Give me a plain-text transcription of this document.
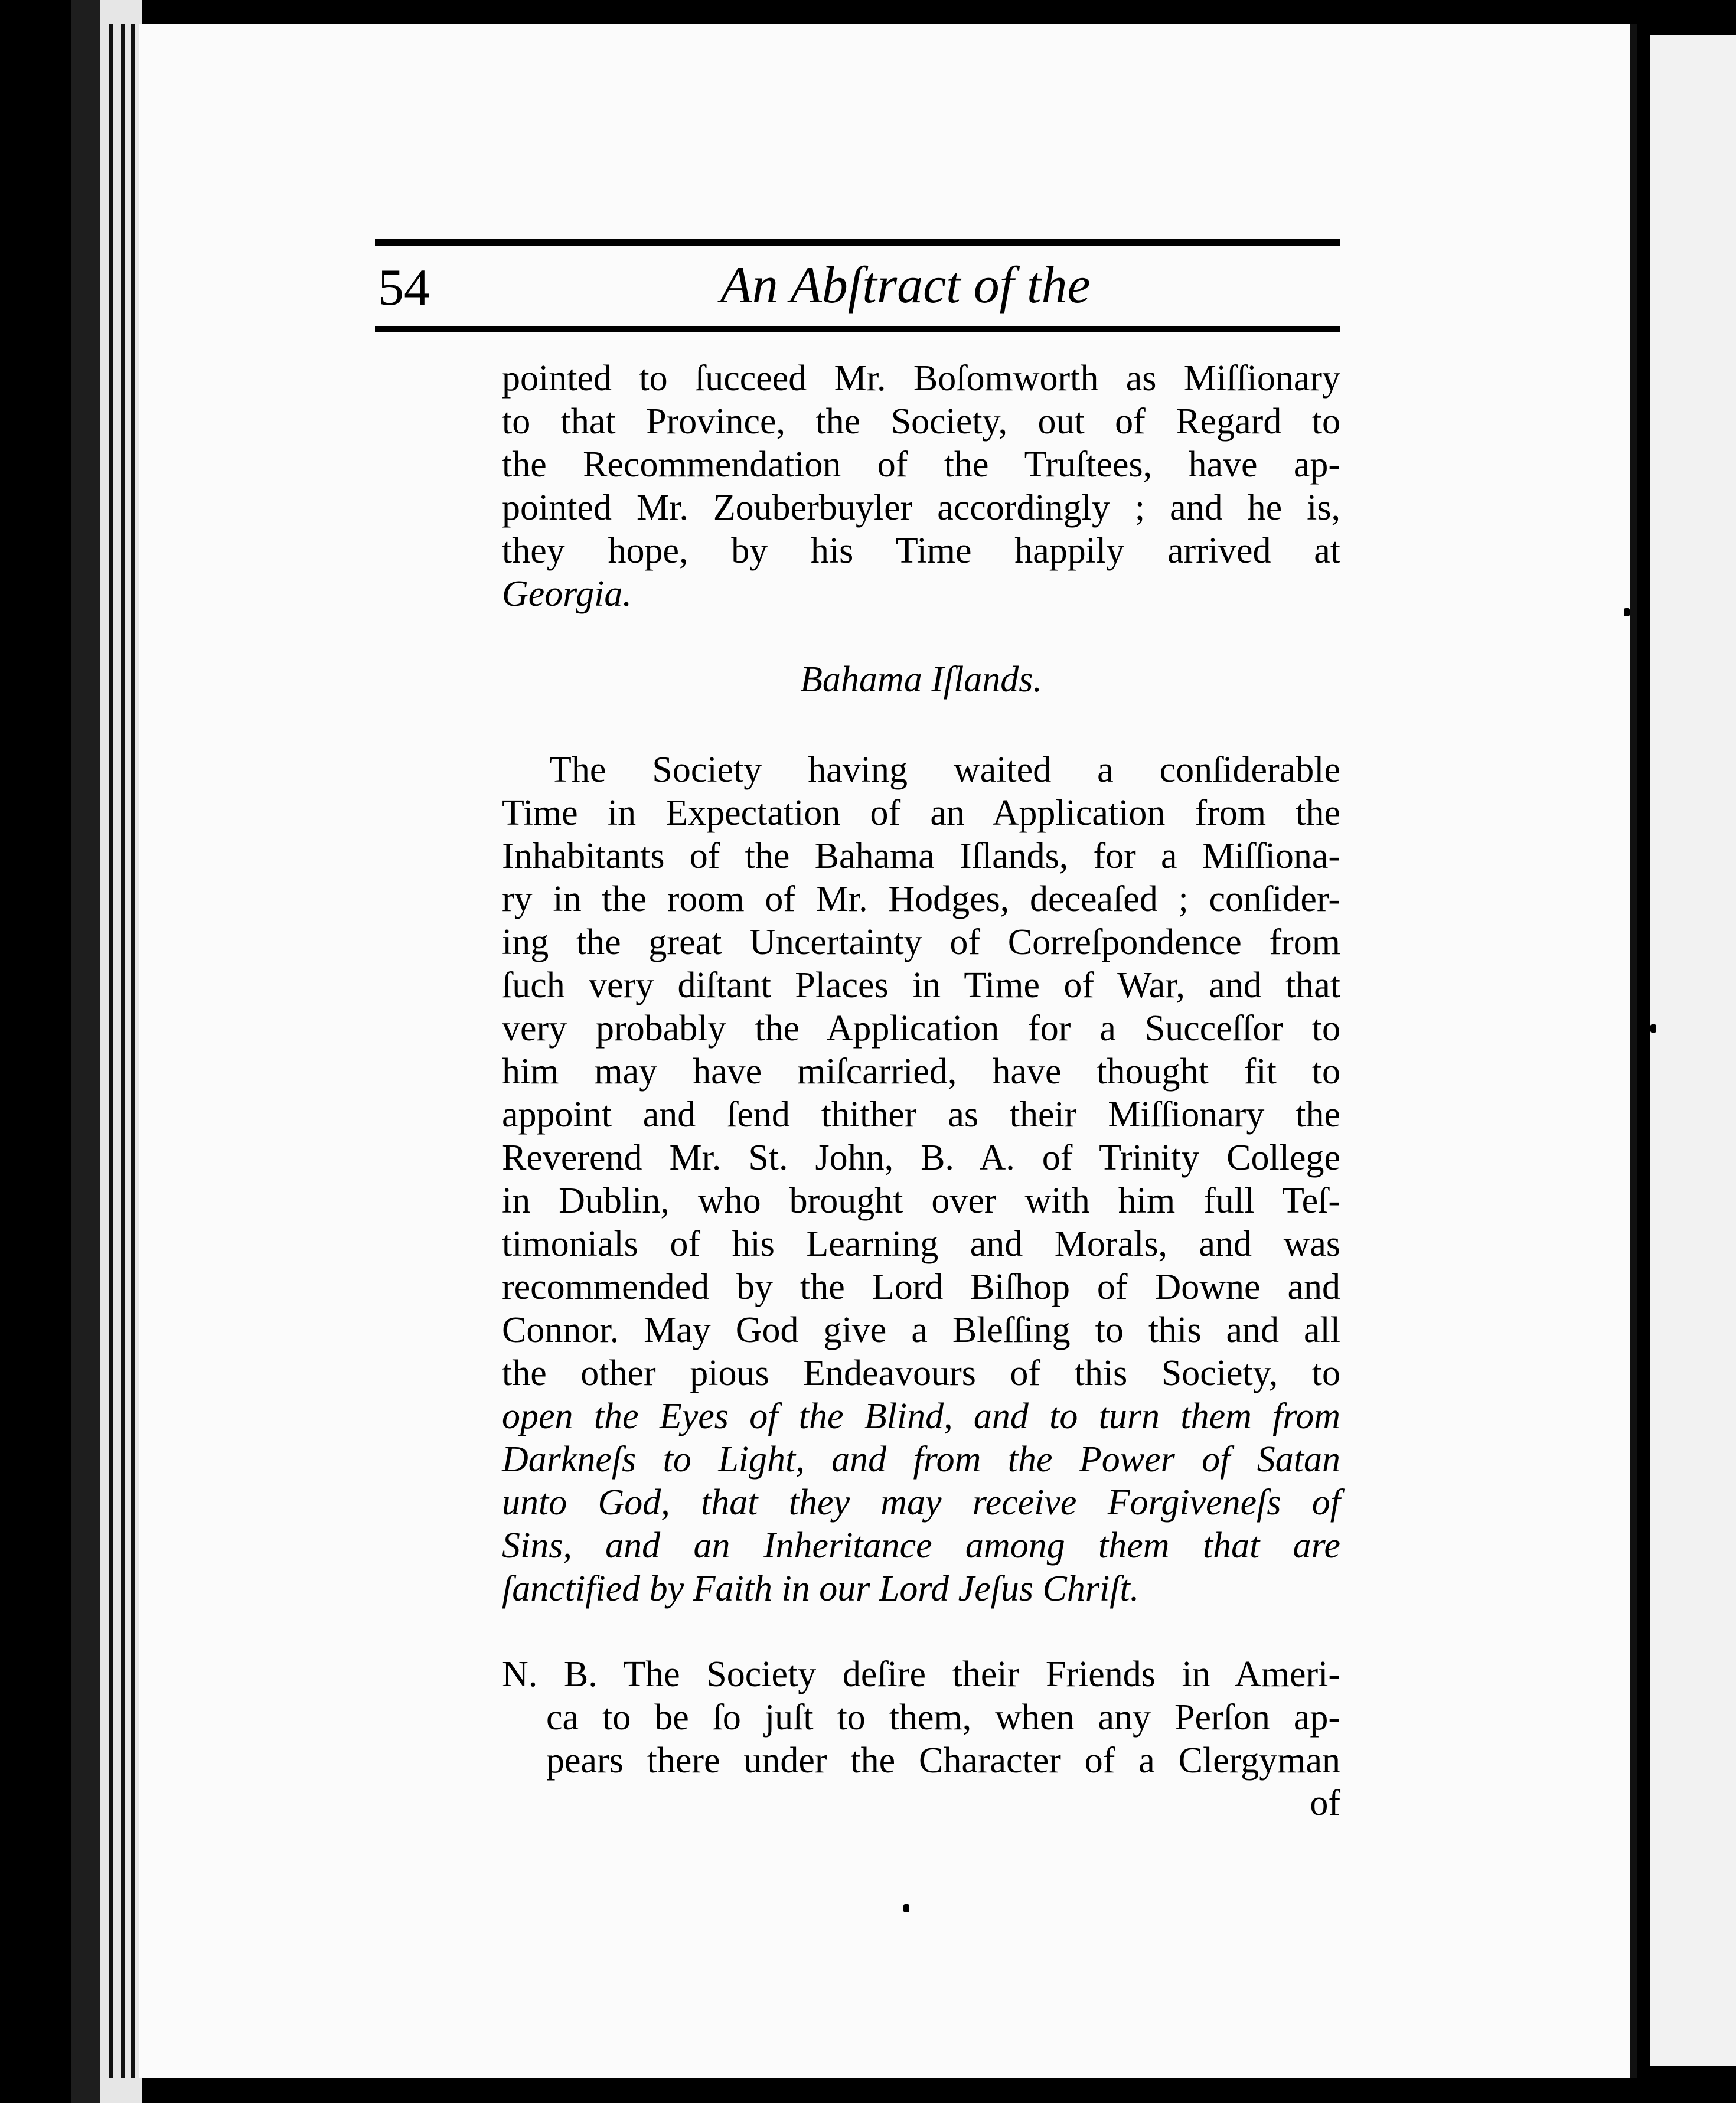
54	An Abſtract of the
pointed to ſucceed Mr. Boſomworth as Miſſionary
to that Province, the Society, out of Regard to
the Recommendation of the Truſtees, have ap-
pointed Mr. Zouberbuyler accordingly ; and he is,
they hope, by his Time happily arrived at
Georgia.
Bahama Iſlands.
The Society having waited a conſiderable
Time in Expectation of an Application from the
Inhabitants of the Bahama Iſlands, for a Miſſiona-
ry in the room of Mr. Hodges, deceaſed ; conſider-
ing the great Uncertainty of Correſpondence from
ſuch very diſtant Places in Time of War, and that
very probably the Application for a Succeſſor to
him may have miſcarried, have thought fit to
appoint and ſend thither as their Miſſionary the
Reverend Mr. St. John, B. A. of Trinity College
in Dublin, who brought over with him full Teſ-
timonials of his Learning and Morals, and was
recommended by the Lord Biſhop of Downe and
Connor. May God give a Bleſſing to this and all
the other pious Endeavours of this Society, to
open the Eyes of the Blind, and to turn them from
Darkneſs to Light, and from the Power of Satan
unto God, that they may receive Forgiveneſs of
Sins, and an Inheritance among them that are
ſanctified by Faith in our Lord Jeſus Chriſt.
N. B. The Society deſire their Friends in Ameri-
ca to be ſo juſt to them, when any Perſon ap-
pears there under the Character of a Clergyman
of
